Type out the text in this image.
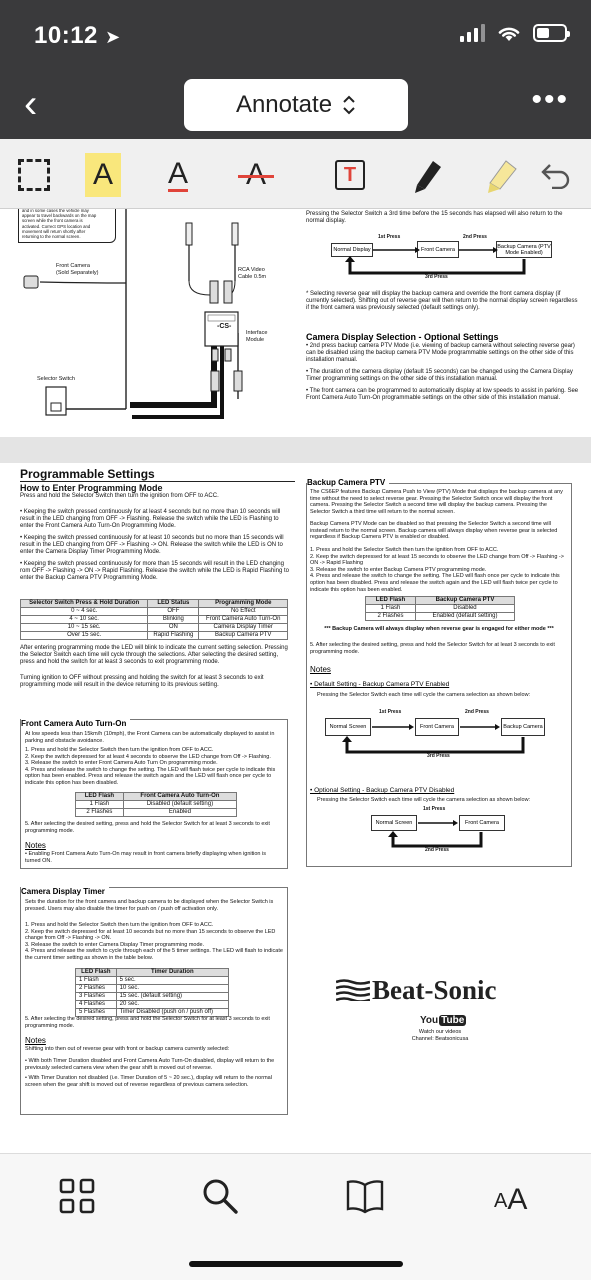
10:12 ➤
‹	Annotate	•••
A A	T
and in some cases the vehicle may
appear to travel backwards on the map
screen while the front camera is
activated. Correct GPS location and
movement will return shortly after
returning to the normal screen.
-CS-
Front Camera
(Sold Separately)	RCA Video
Cable 0.5m
Interface
Module
Selector Switch
Pressing the Selector Switch a 3rd time before the 15 seconds has elapsed will also return to the normal display.
Normal Display	Front Camera	Backup Camera (PTV Mode Enabled)
1st Press	2nd Press
3rd Press
* Selecting reverse gear will display the backup camera and override the front camera display (if currently selected). Shifting out of reverse gear will then return to the normal display screen regardless if the front camera was previously selected (default settings only).
Camera Display Selection - Optional Settings
• 2nd press backup camera PTV Mode (i.e. viewing of backup camera without selecting reverse gear) can be disabled using the backup camera PTV Mode programmable settings on the other side of this installation manual.
• The duration of the camera display (default 15 seconds) can be changed using the Camera Display Timer programming settings on the other side of this installation manual.
• The front camera can be programmed to automatically display at low speeds to assist in parking. See Front Camera Auto Turn-On programmable settings on the other side of this installation manual.
Programmable Settings
How to Enter Programming Mode
Press and hold the Selector Switch then turn the ignition from OFF to ACC.
• Keeping the switch pressed continuously for at least 4 seconds but no more than 10 seconds will result in the LED changing from OFF -> Flashing. Release the switch while the LED is Flashing to enter the Front Camera Auto Turn-On Programming Mode.
• Keeping the switch pressed continuously for at least 10 seconds but no more than 15 seconds will result in the LED changing from OFF -> Flashing -> ON. Release the switch while the LED is ON to enter the Camera Display Timer Programming Mode.
• Keeping the switch pressed continuously for more than 15 seconds will result in the LED changing rom OFF -> Flashing -> ON -> Rapid Flashing. Release the switch while the LED is Rapid Flashing to enter the Backup Camera PTV Programming Mode.
Selector Switch Press & Hold Duration	LED Status	Programming Mode
0 ~ 4 sec.	OFF	No Effect
4 ~ 10 sec.	Blinking	Front Camera Auto Turn-On
10 ~ 15 sec.	ON	Camera Display Timer
Over 15 sec.	Rapid Flashing	Backup Camera PTV
After entering programming mode the LED will blink to indicate the current setting selection. Pressing the Selector Switch each time will cycle through the selections. After selecting the desired setting, press and hold the switch for at least 3 seconds to exit programming mode.
Turning ignition to OFF without pressing and holding the switch for at least 3 seconds to exit programming mode will result in the device returning to its previous setting.
Front Camera Auto Turn-On
At low speeds less than 15km/h (10mph), the Front Camera can be automatically displayed to assist in parking and obstacle avoidance.
1. Press and hold the Selector Switch then turn the ignition from OFF to ACC.
2. Keep the switch depressed for at least 4 seconds to observe the LED change from Off -> Flashing.
3. Release the switch to enter Front Camera Auto Turn On programming mode.
4. Press and release the switch to change the setting. The LED will flash twice per cycle to indicate this option has been enabled. Press and release the switch again and the LED will flash once per cycle to indicate this option has been disabled.
LED Flash	Front Camera Auto Turn-On
1 Flash	Disabled (default setting)
2 Flashes	Enabled
5. After selecting the desired setting, press and hold the Selector Switch for at least 3 seconds to exit programming mode.
Notes
• Enabling Front Camera Auto Turn-On may result in front camera briefly displaying when ignition is turned ON.
Camera Display Timer
Sets the duration for the front camera and backup camera to be displayed when the Selector Switch is pressed. Users may also disable the timer for push on / push off activation only.
1. Press and hold the Selector Switch then turn the ignition from OFF to ACC.
2. Keep the switch depressed for at least 10 seconds but no more than 15 seconds to observe the LED change from Off -> Flashing -> ON.
3. Release the switch to enter Camera Display Timer programming mode.
4. Press and release the switch to cycle through each of the 5 timer settings. The LED will flash to indicate the current timer setting as shown in the table below.
LED Flash	Timer Duration
1 Flash	5 sec.
2 Flashes	10 sec.
3 Flashes	15 sec. (default setting)
4 Flashes	20 sec.
5 Flashes	Timer Disabled (push on / push off)
5. After selecting the desired setting, press and hold the Selector Switch for at least 3 seconds to exit programming mode.
Notes
Shifting into then out of reverse gear with front or backup camera currently selected:
• With both Timer Duration disabled and Front Camera Auto Turn-On disabled, display will return to the previously selected camera view when the gear shift is moved out of reverse.
• With Timer Duration not disabled (i.e. Timer Duration of 5 ~ 20 sec.), display will return to the normal screen when the gear shift is moved out of reverse regardless of previous camera selection.
Backup Camera PTV
The CS6EP features Backup Camera Push to View (PTV) Mode that displays the backup camera at any time without the need to select reverse gear. Pressing the Selector Switch once will display the front camera. Pressing the Selector Switch a second time will display the backup camera. Pressing the Selector Switch a third time will return to the normal screen.
Backup Camera PTV Mode can be disabled so that pressing the Selector Switch a second time will instead return to the normal screen. Backup camera will always display when reverse gear is selected regardless if Backup Camera PTV is enabled or disabled.
1. Press and hold the Selector Switch then turn the ignition from OFF to ACC.
2. Keep the switch depressed for at least 15 seconds to observe the LED change from Off -> Flashing -> ON -> Rapid Flashing
3. Release the switch to enter Backup Camera PTV programming mode.
4. Press and release the switch to change the setting. The LED will flash once per cycle to indicate this option has been disabled. Press and release the switch again and the LED will flash twice per cycle to indicate this option has been enabled.
LED Flash	Backup Camera PTV
1 Flash	Disabled
2 Flashes	Enabled (default setting)
*** Backup Camera will always display when reverse gear is engaged for either mode ***
5. After selecting the desired setting, press and hold the Selector Switch for at least 3 seconds to exit programming mode.
Notes
• Default Setting - Backup Camera PTV Enabled
Pressing the Selector Switch each time will cycle the camera selection as shown below:
Normal Screen	Front Camera	Backup Camera
1st Press	2nd Press
3rd Press
• Optional Setting - Backup Camera PTV Disabled
Pressing the Selector Switch each time will cycle the camera selection as shown below:
Normal Screen	Front Camera
1st Press
2nd Press
Beat-Sonic
You Tube
Watch our videos
Channel: Beatsonicusa
A A
